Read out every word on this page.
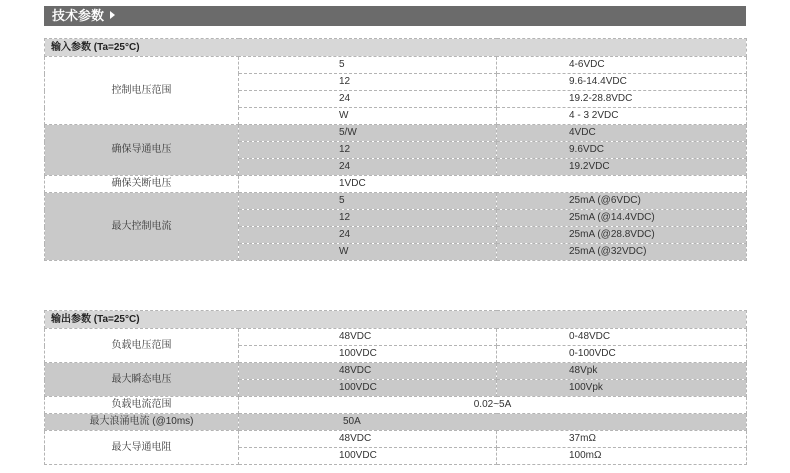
技术参数
输入参数 (Ta=25°C)		
控制电压范围	5	4-6VDC
	12	9.6-14.4VDC
	24	19.2-28.8VDC
	W	4 - 3 2VDC
确保导通电压	5/W	4VDC
	12	9.6VDC
	24	19.2VDC
确保关断电压	1VDC	
最大控制电流	5	25mA (@6VDC)
	12	25mA (@14.4VDC)
	24	25mA (@28.8VDC)
	W	25mA (@32VDC)
输出参数 (Ta=25°C)		
负载电压范围	48VDC	0-48VDC
	100VDC	0-100VDC
最大瞬态电压	48VDC	48Vpk
	100VDC	100Vpk
负载电流范围	0.02~5A	
最大浪涌电流 (@10ms)	50A	
最大导通电阻	48VDC	37mΩ
	100VDC	100mΩ
